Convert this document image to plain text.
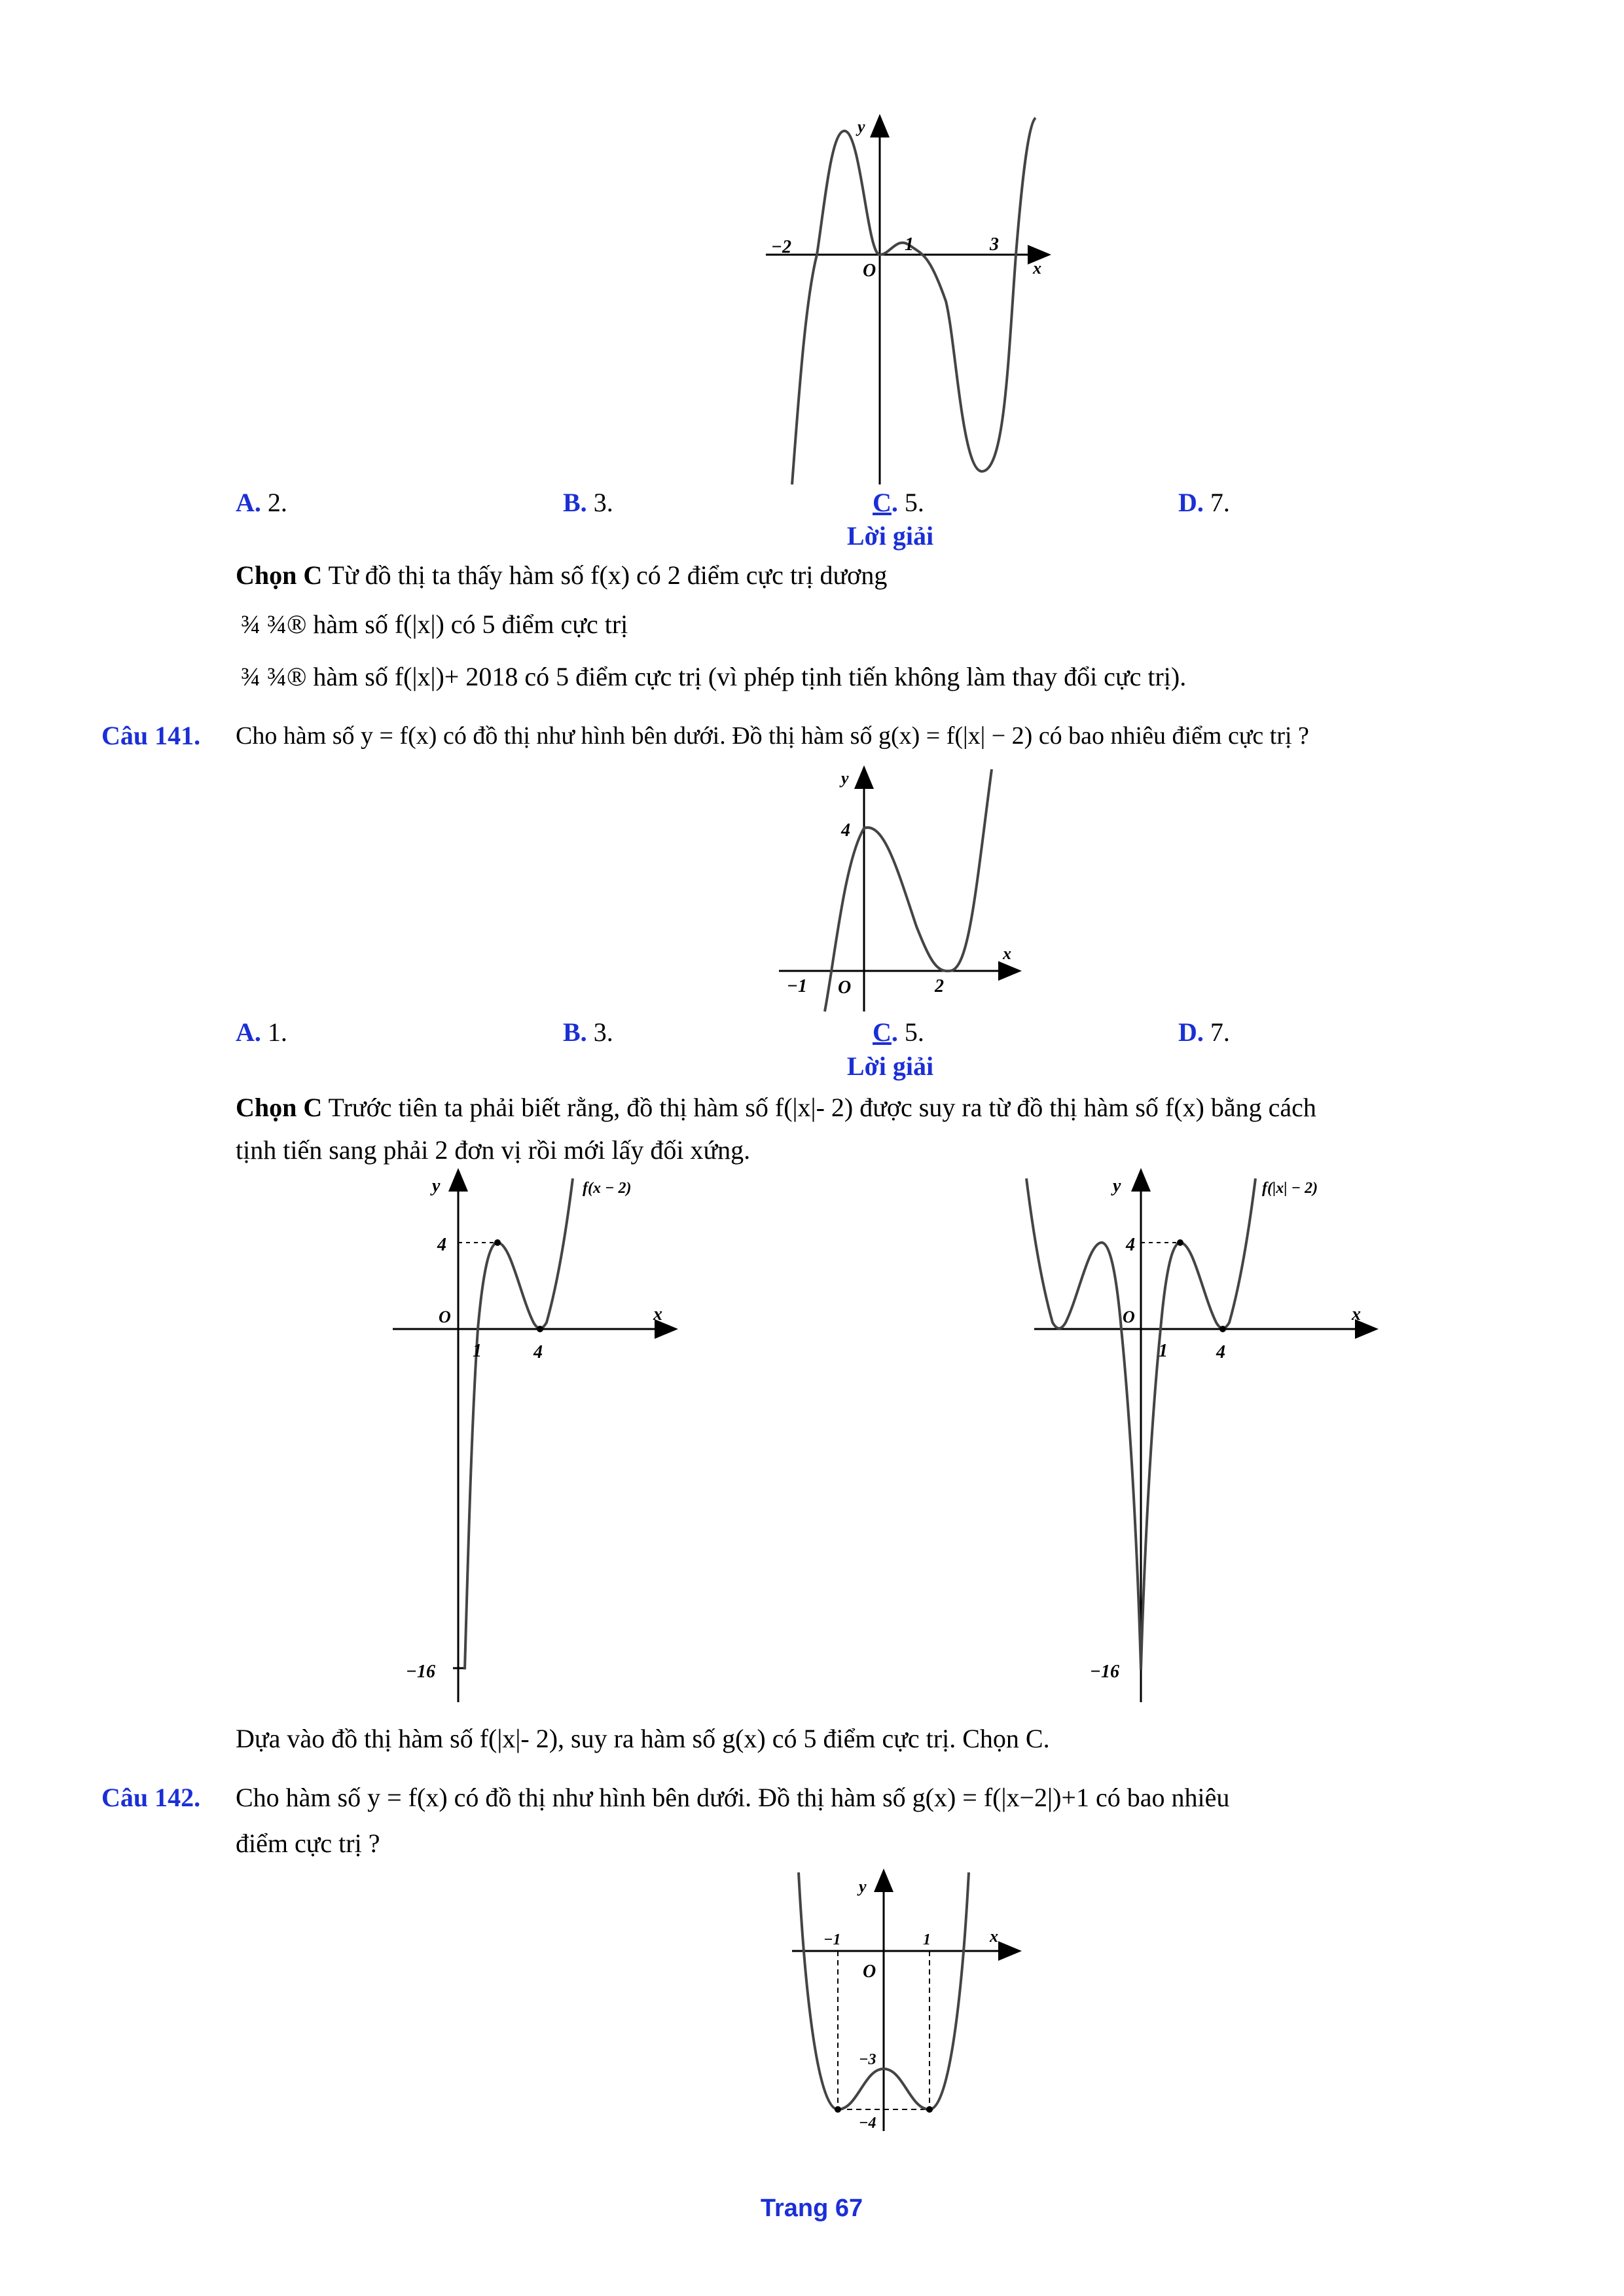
y
x
O
−2	1	3
A. 2.	B. 3.	C. 5.	D. 7.
Lời giải
Chọn C Từ đồ thị ta thấy hàm số f(x) có 2 điểm cực trị dương
¾ ¾® hàm số f(|x|) có 5 điểm cực trị
¾ ¾® hàm số f(|x|)+ 2018 có 5 điểm cực trị (vì phép tịnh tiến không làm thay đổi cực trị).
Câu 141. Cho hàm số y = f(x) có đồ thị như hình bên dưới. Đồ thị hàm số g(x) = f(|x| − 2) có bao nhiêu điểm cực trị ?
y
x
4
−1 O	2
A. 1.	B. 3.	C. 5.	D. 7.
Lời giải
Chọn C Trước tiên ta phải biết rằng, đồ thị hàm số f(|x|- 2) được suy ra từ đồ thị hàm số f(x) bằng cách
tịnh tiến sang phải 2 đơn vị rồi mới lấy đối xứng.
y
x
O
f(x − 2)
4
1	4
−16
y
x
O
f(|x| − 2)
4
1	4
−16
Dựa vào đồ thị hàm số f(|x|- 2), suy ra hàm số g(x) có 5 điểm cực trị. Chọn C.
Câu 142. Cho hàm số y = f(x) có đồ thị như hình bên dưới. Đồ thị hàm số g(x) = f(|x−2|)+1 có bao nhiêu
điểm cực trị ?
y
x
−1	1
O
−3
−4
Trang 67
